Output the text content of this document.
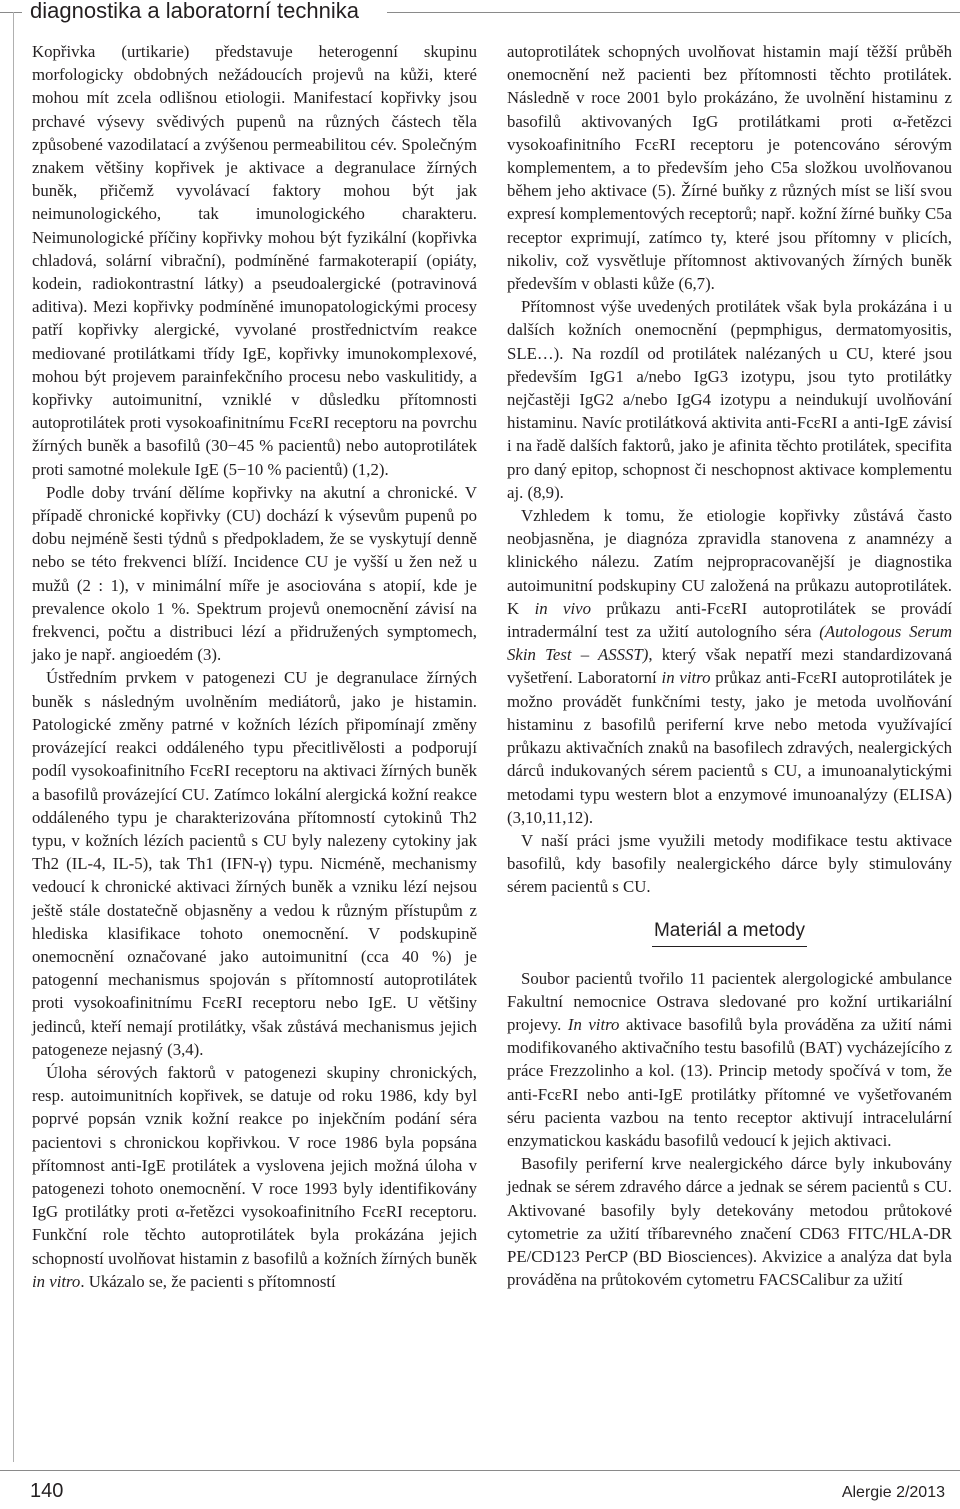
diagnostika a laboratorní technika

Kopřivka (urtikarie) představuje heterogenní skupinu morfologicky obdobných nežádoucích projevů na kůži, které mohou mít zcela odlišnou etiologii. Manifestací kopřivky jsou prchavé výsevy svědivých pupenů na různých částech těla způsobené vazodilatací a zvýšenou permeabilitou cév. Společným znakem většiny kopřivek je aktivace a degranulace žírných buněk, přičemž vyvolávací faktory mohou být jak neimunologického, tak imunologického charakteru. Neimunologické příčiny kopřivky mohou být fyzikální (kopřivka chladová, solární vibrační), podmíněné farmakoterapií (opiáty, kodein, radiokontrastní látky) a pseudoalergické (potravinová aditiva). Mezi kopřivky podmíněné imunopatologickými procesy patří kopřivky alergické, vyvolané prostřednictvím reakce mediované protilátkami třídy IgE, kopřivky imunokomplexové, mohou být projevem parainfekčního procesu nebo vaskulitidy, a kopřivky autoimunitní, vzniklé v důsledku přítomnosti autoprotilátek proti vysokoafinitnímu FcεRI receptoru na povrchu žírných buněk a basofilů (30−45 % pacientů) nebo autoprotilátek proti samotné molekule IgE (5−10 % pacientů) (1,2).

Podle doby trvání dělíme kopřivky na akutní a chronické. V případě chronické kopřivky (CU) dochází k výsevům pupenů po dobu nejméně šesti týdnů s předpokladem, že se vyskytují denně nebo se této frekvenci blíží. Incidence CU je vyšší u žen než u mužů (2 : 1), v minimální míře je asociována s atopií, kde je prevalence okolo 1 %. Spektrum projevů onemocnění závisí na frekvenci, počtu a distribuci lézí a přidružených symptomech, jako je např. angioedém (3).

Ústředním prvkem v patogenezi CU je degranulace žírných buněk s následným uvolněním mediátorů, jako je histamin. Patologické změny patrné v kožních lézích připomínají změny provázející reakci oddáleného typu přecitlivělosti a podporují podíl vysokoafinitního FcεRI receptoru na aktivaci žírných buněk a basofilů provázející CU. Zatímco lokální alergická kožní reakce oddáleného typu je charakterizována přítomností cytokinů Th2 typu, v kožních lézích pacientů s CU byly nalezeny cytokiny jak Th2 (IL-4, IL-5), tak Th1 (IFN-γ) typu. Nicméně, mechanismy vedoucí k chronické aktivaci žírných buněk a vzniku lézí nejsou ještě stále dostatečně objasněny a vedou k různým přístupům z hlediska klasifikace tohoto onemocnění. V podskupině onemocnění označované jako autoimunitní (cca 40 %) je patogenní mechanismus spojován s přítomností autoprotilátek proti vysokoafinitnímu FcεRI receptoru nebo IgE. U většiny jedinců, kteří nemají protilátky, však zůstává mechanismus jejich patogeneze nejasný (3,4).

Úloha sérových faktorů v patogenezi skupiny chronických, resp. autoimunitních kopřivek, se datuje od roku 1986, kdy byl poprvé popsán vznik kožní reakce po injekčním podání séra pacientovi s chronickou kopřivkou. V roce 1986 byla popsána přítomnost anti-IgE protilátek a vyslovena jejich možná úloha v patogenezi tohoto onemocnění. V roce 1993 byly identifikovány IgG protilátky proti α-řetězci vysokoafinitního FcεRI receptoru. Funkční role těchto autoprotilátek byla prokázána jejich schopností uvolňovat histamin z basofilů a kožních žírných buněk in vitro. Ukázalo se, že pacienti s přítomností

autoprotilátek schopných uvolňovat histamin mají těžší průběh onemocnění než pacienti bez přítomnosti těchto protilátek. Následně v roce 2001 bylo prokázáno, že uvolnění histaminu z basofilů aktivovaných IgG protilátkami proti α-řetězci vysokoafinitního FcεRI receptoru je potencováno sérovým komplementem, a to především jeho C5a složkou uvolňovanou během jeho aktivace (5). Žírné buňky z různých míst se liší svou expresí komplementových receptorů; např. kožní žírné buňky C5a receptor exprimují, zatímco ty, které jsou přítomny v plicích, nikoliv, což vysvětluje přítomnost aktivovaných žírných buněk především v oblasti kůže (6,7).

Přítomnost výše uvedených protilátek však byla prokázána i u dalších kožních onemocnění (pepmphigus, dermatomyositis, SLE…). Na rozdíl od protilátek nalézaných u CU, které jsou především IgG1 a/nebo IgG3 izotypu, jsou tyto protilátky nejčastěji IgG2 a/nebo IgG4 izotypu a neindukují uvolňování histaminu. Navíc protilátková aktivita anti-FcεRI a anti-IgE závisí i na řadě dalších faktorů, jako je afinita těchto protilátek, specifita pro daný epitop, schopnost či neschopnost aktivace komplementu aj. (8,9).

Vzhledem k tomu, že etiologie kopřivky zůstává často neobjasněna, je diagnóza zpravidla stanovena z anamnézy a klinického nálezu. Zatím nejpropracovanější je diagnostika autoimunitní podskupiny CU založená na průkazu autoprotilátek. K in vivo průkazu anti-FcεRI autoprotilátek se provádí intradermální test za užití autologního séra (Autologous Serum Skin Test – ASSST), který však nepatří mezi standardizovaná vyšetření. Laboratorní in vitro průkaz anti-FcεRI autoprotilátek je možno provádět funkčními testy, jako je metoda uvolňování histaminu z basofilů periferní krve nebo metoda využívající průkazu aktivačních znaků na basofilech zdravých, nealergických dárců indukovaných sérem pacientů s CU, a imunoanalytickými metodami typu western blot a enzymové imunoanalýzy (ELISA) (3,10,11,12).

V naší práci jsme využili metody modifikace testu aktivace basofilů, kdy basofily nealergického dárce byly stimulovány sérem pacientů s CU.

Materiál a metody

Soubor pacientů tvořilo 11 pacientek alergologické ambulance Fakultní nemocnice Ostrava sledované pro kožní urtikariální projevy. In vitro aktivace basofilů byla prováděna za užití námi modifikovaného aktivačního testu basofilů (BAT) vycházejícího z práce Frezzolinho a kol. (13). Princip metody spočívá v tom, že anti-FcεRI nebo anti-IgE protilátky přítomné ve vyšetřovaném séru pacienta vazbou na tento receptor aktivují intracelulární enzymatickou kaskádu basofilů vedoucí k jejich aktivaci.

Basofily periferní krve nealergického dárce byly inkubovány jednak se sérem zdravého dárce a jednak se sérem pacientů s CU. Aktivované basofily byly detekovány metodou průtokové cytometrie za užití tříbarevného značení CD63 FITC/HLA-DR PE/CD123 PerCP (BD Biosciences). Akvizice a analýza dat byla prováděna na průtokovém cytometru FACSCalibur za užití

140	Alergie 2/2013
